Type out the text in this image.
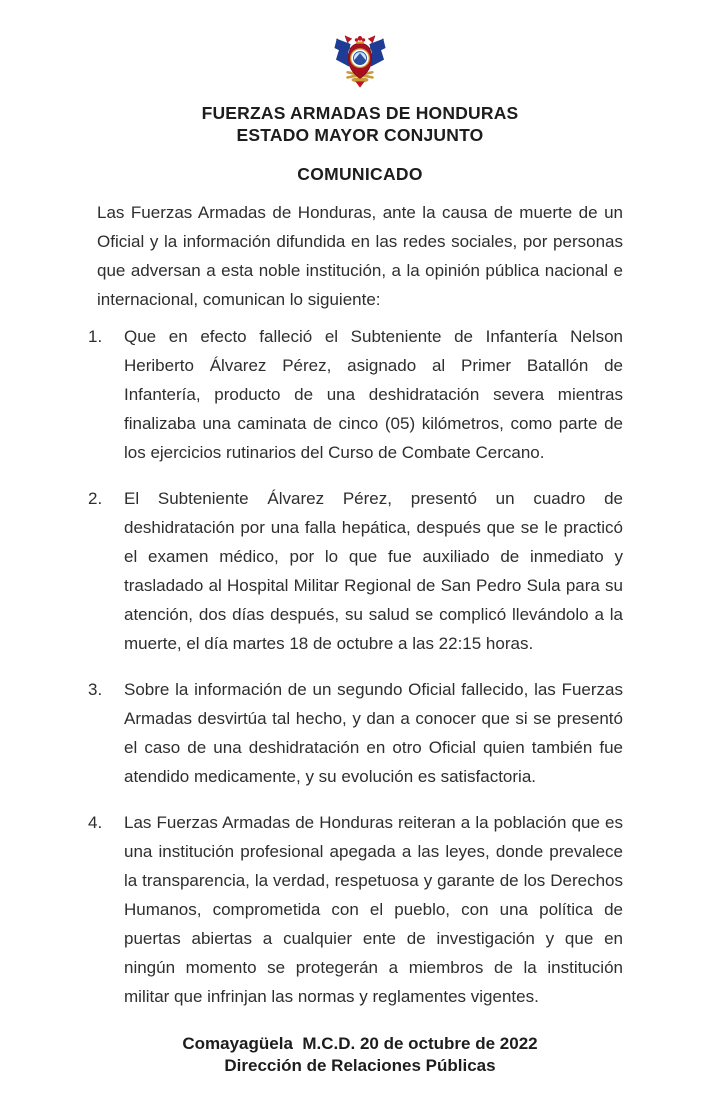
FUERZAS ARMADAS DE HONDURAS
ESTADO MAYOR CONJUNTO
COMUNICADO

Las Fuerzas Armadas de Honduras, ante la causa de muerte de un Oficial y la información difundida en las redes sociales, por personas que adversan a esta noble institución, a la opinión pública nacional e internacional, comunican lo siguiente:

1. Que en efecto falleció el Subteniente de Infantería Nelson Heriberto Álvarez Pérez, asignado al Primer Batallón de Infantería, producto de una deshidratación severa mientras finalizaba una caminata de cinco (05) kilómetros, como parte de los ejercicios rutinarios del Curso de Combate Cercano.
2. El Subteniente Álvarez Pérez, presentó un cuadro de deshidratación por una falla hepática, después que se le practicó el examen médico, por lo que fue auxiliado de inmediato y trasladado al Hospital Militar Regional de San Pedro Sula para su atención, dos días después, su salud se complicó llevándolo a la muerte, el día martes 18 de octubre a las 22:15 horas.
3. Sobre la información de un segundo Oficial fallecido, las Fuerzas Armadas desvirtúa tal hecho, y dan a conocer que si se presentó el caso de una deshidratación en otro Oficial quien también fue atendido medicamente, y su evolución es satisfactoria.
4. Las Fuerzas Armadas de Honduras reiteran a la población que es una institución profesional apegada a las leyes, donde prevalece la transparencia, la verdad, respetuosa y garante de los Derechos Humanos, comprometida con el pueblo, con una política de puertas abiertas a cualquier ente de investigación y que en ningún momento se protegerán a miembros de la institución militar que infrinjan las normas y reglamentes vigentes.
Comayagüela  M.C.D. 20 de octubre de 2022
Dirección de Relaciones Públicas
